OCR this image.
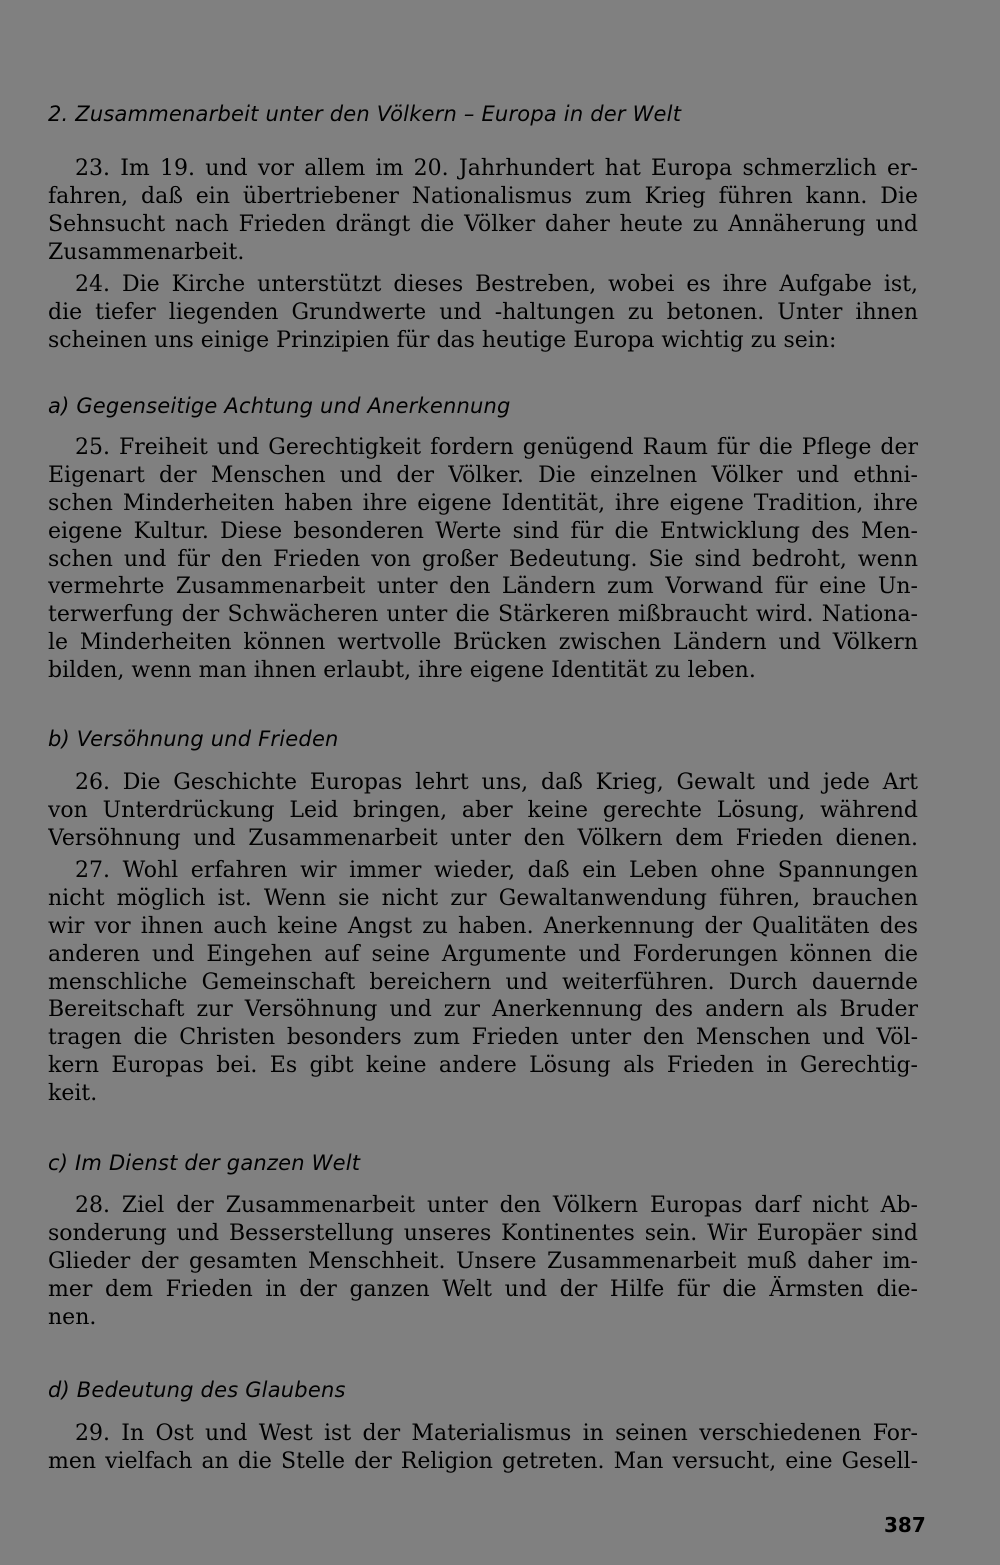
2. Zusammenarbeit unter den Völkern – Europa in der Welt
23. Im 19. und vor allem im 20. Jahrhundert hat Europa schmerzlich er-
fahren, daß ein übertriebener Nationalismus zum Krieg führen kann. Die
Sehnsucht nach Frieden drängt die Völker daher heute zu Annäherung und
Zusammenarbeit.
24. Die Kirche unterstützt dieses Bestreben, wobei es ihre Aufgabe ist,
die tiefer liegenden Grundwerte und -haltungen zu betonen. Unter ihnen
scheinen uns einige Prinzipien für das heutige Europa wichtig zu sein:
a) Gegenseitige Achtung und Anerkennung
25. Freiheit und Gerechtigkeit fordern genügend Raum für die Pflege der
Eigenart der Menschen und der Völker. Die einzelnen Völker und ethni-
schen Minderheiten haben ihre eigene Identität, ihre eigene Tradition, ihre
eigene Kultur. Diese besonderen Werte sind für die Entwicklung des Men-
schen und für den Frieden von großer Bedeutung. Sie sind bedroht, wenn
vermehrte Zusammenarbeit unter den Ländern zum Vorwand für eine Un-
terwerfung der Schwächeren unter die Stärkeren mißbraucht wird. Nationa-
le Minderheiten können wertvolle Brücken zwischen Ländern und Völkern
bilden, wenn man ihnen erlaubt, ihre eigene Identität zu leben.
b) Versöhnung und Frieden
26. Die Geschichte Europas lehrt uns, daß Krieg, Gewalt und jede Art
von Unterdrückung Leid bringen, aber keine gerechte Lösung, während
Versöhnung und Zusammenarbeit unter den Völkern dem Frieden dienen.
27. Wohl erfahren wir immer wieder, daß ein Leben ohne Spannungen
nicht möglich ist. Wenn sie nicht zur Gewaltanwendung führen, brauchen
wir vor ihnen auch keine Angst zu haben. Anerkennung der Qualitäten des
anderen und Eingehen auf seine Argumente und Forderungen können die
menschliche Gemeinschaft bereichern und weiterführen. Durch dauernde
Bereitschaft zur Versöhnung und zur Anerkennung des andern als Bruder
tragen die Christen besonders zum Frieden unter den Menschen und Völ-
kern Europas bei. Es gibt keine andere Lösung als Frieden in Gerechtig-
keit.
c) Im Dienst der ganzen Welt
28. Ziel der Zusammenarbeit unter den Völkern Europas darf nicht Ab-
sonderung und Besserstellung unseres Kontinentes sein. Wir Europäer sind
Glieder der gesamten Menschheit. Unsere Zusammenarbeit muß daher im-
mer dem Frieden in der ganzen Welt und der Hilfe für die Ärmsten die-
nen.
d) Bedeutung des Glaubens
29. In Ost und West ist der Materialismus in seinen verschiedenen For-
men vielfach an die Stelle der Religion getreten. Man versucht, eine Gesell-
387
